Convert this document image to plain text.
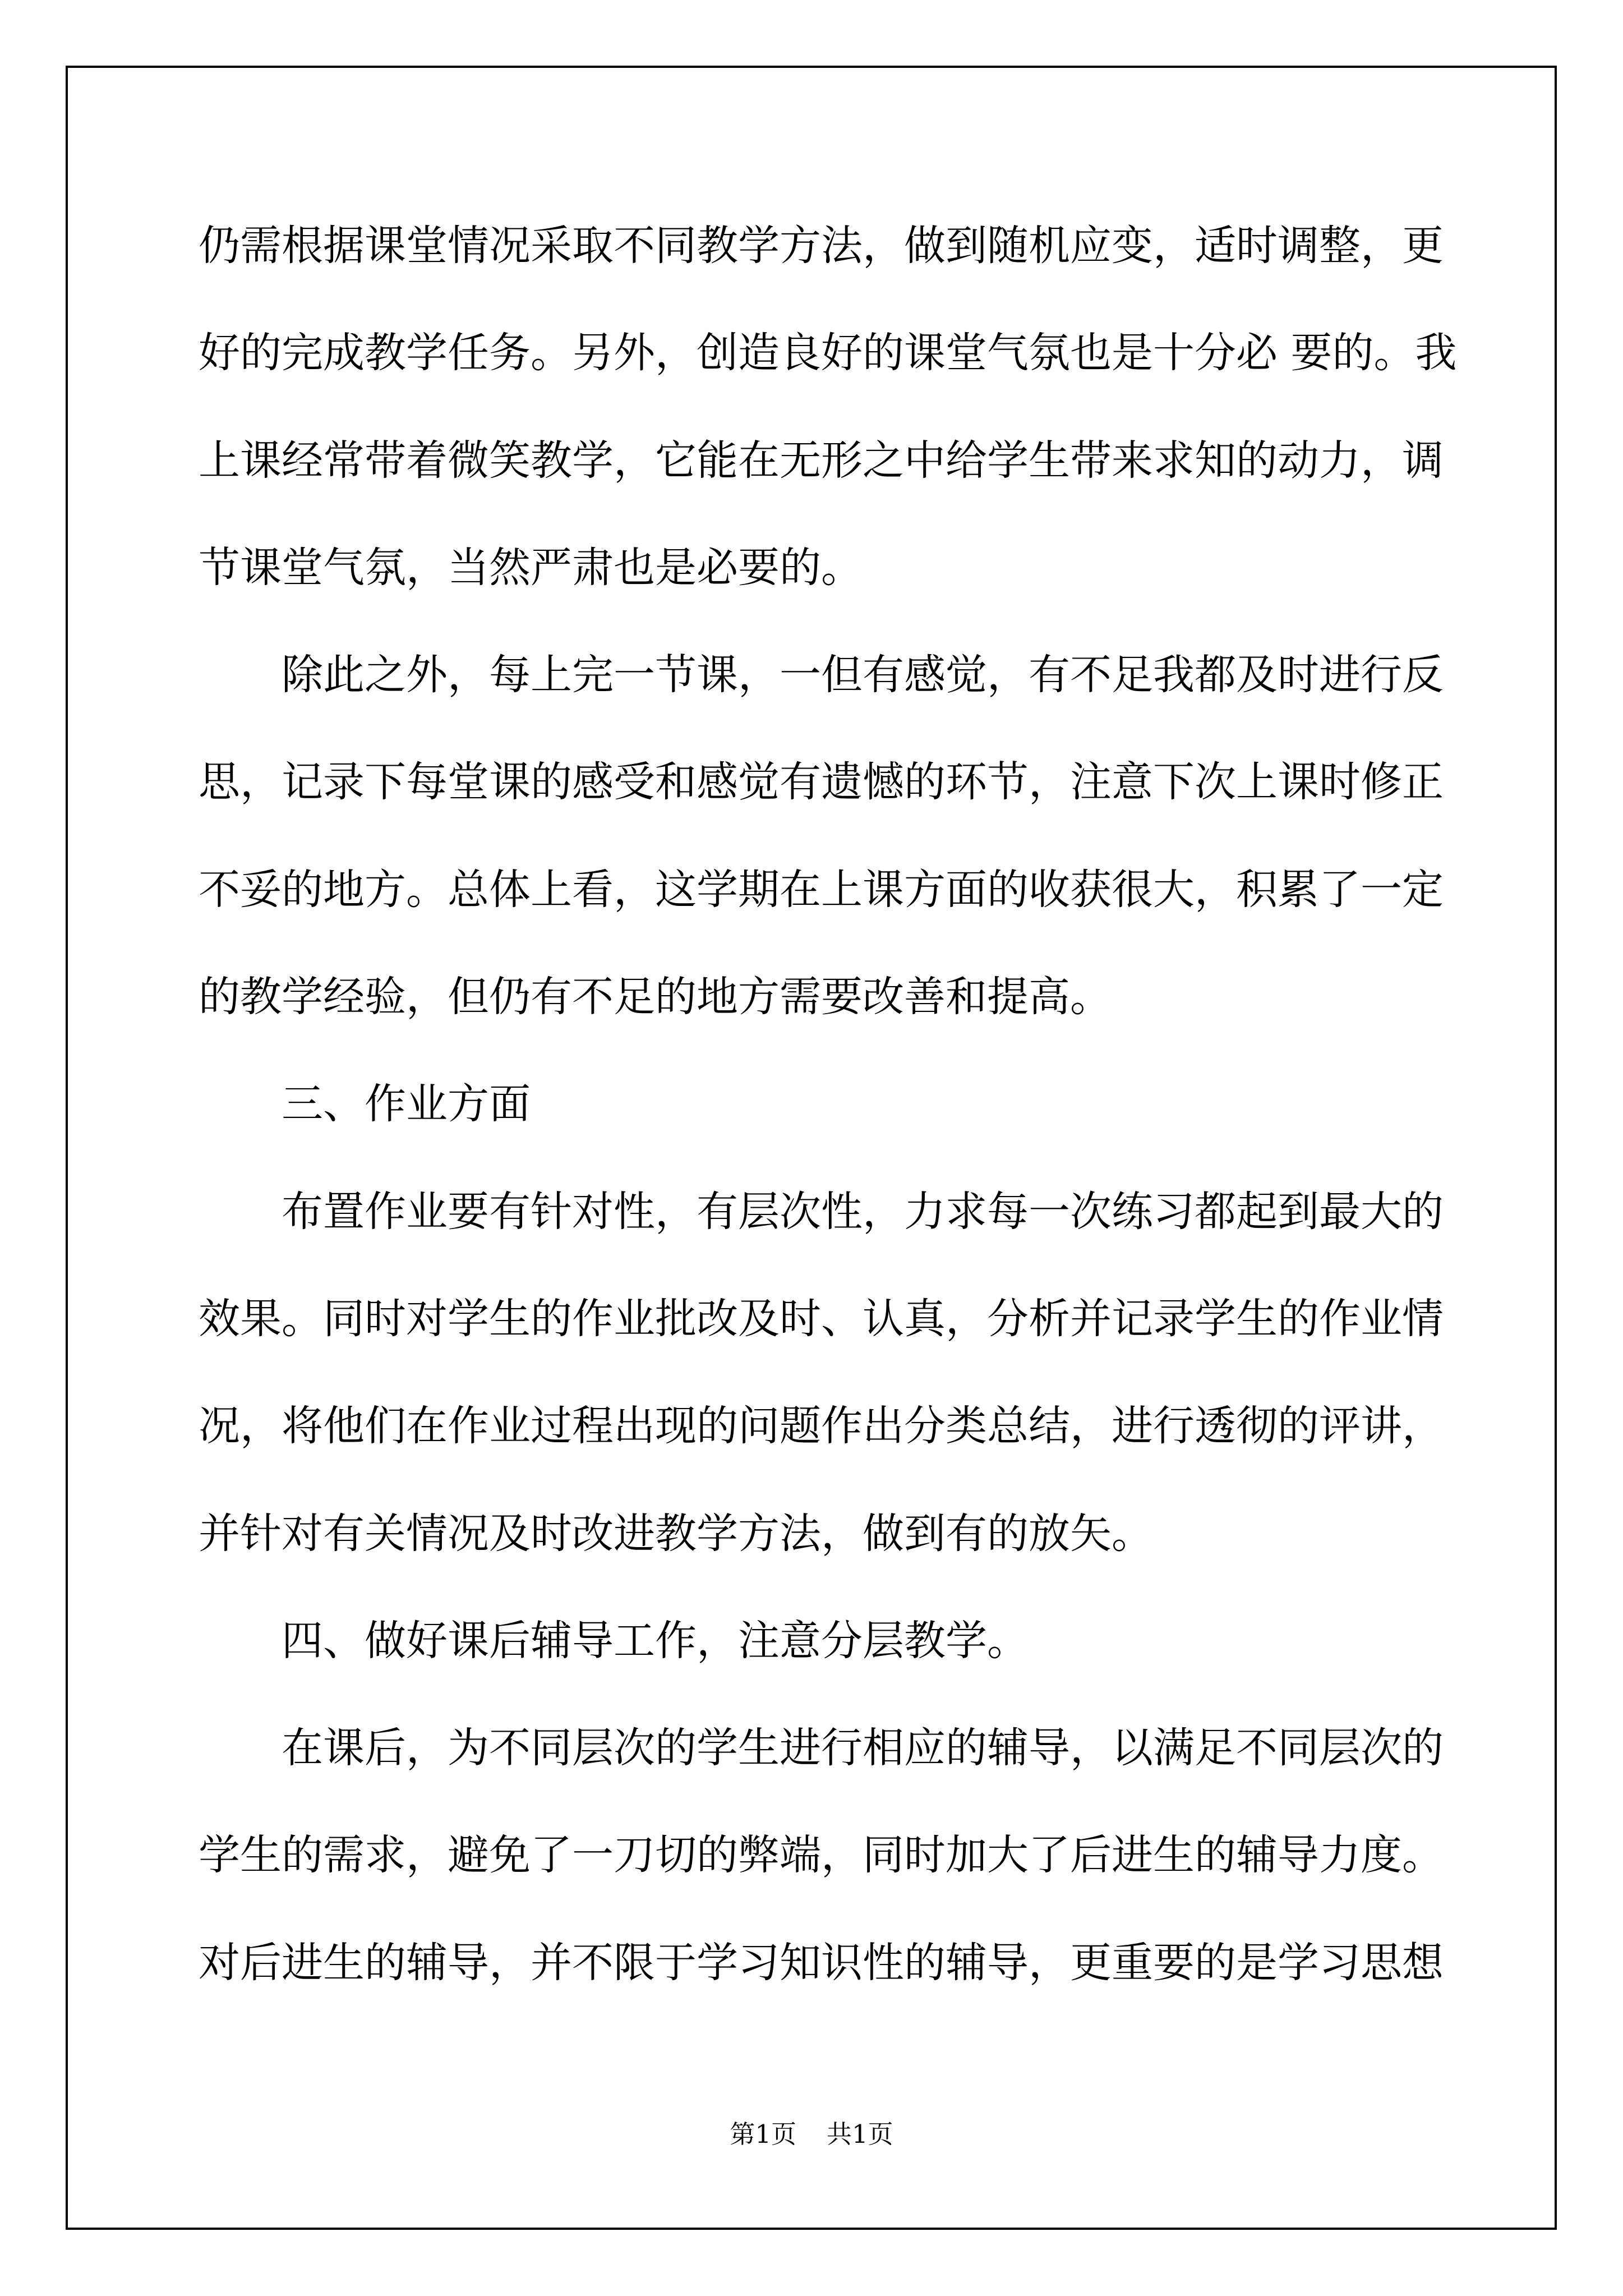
仍需根据课堂情况采取不同教学方法，做到随机应变，适时调整，更
好的完成教学任务。另外，创造良好的课堂气氛也是十分必 要的。我
上课经常带着微笑教学，它能在无形之中给学生带来求知的动力，调
节课堂气氛，当然严肃也是必要的。
除此之外，每上完一节课，一但有感觉，有不足我都及时进行反
思，记录下每堂课的感受和感觉有遗憾的环节，注意下次上课时修正
不妥的地方。总体上看，这学期在上课方面的收获很大，积累了一定
的教学经验，但仍有不足的地方需要改善和提高。
三、作业方面
布置作业要有针对性，有层次性，力求每一次练习都起到最大的
效果。同时对学生的作业批改及时、认真，分析并记录学生的作业情
况，将他们在作业过程出现的问题作出分类总结，进行透彻的评讲，
并针对有关情况及时改进教学方法，做到有的放矢。
四、做好课后辅导工作，注意分层教学。
在课后，为不同层次的学生进行相应的辅导，以满足不同层次的
学生的需求，避免了一刀切的弊端，同时加大了后进生的辅导力度。
对后进生的辅导，并不限于学习知识性的辅导，更重要的是学习思想
第1页 共1页
